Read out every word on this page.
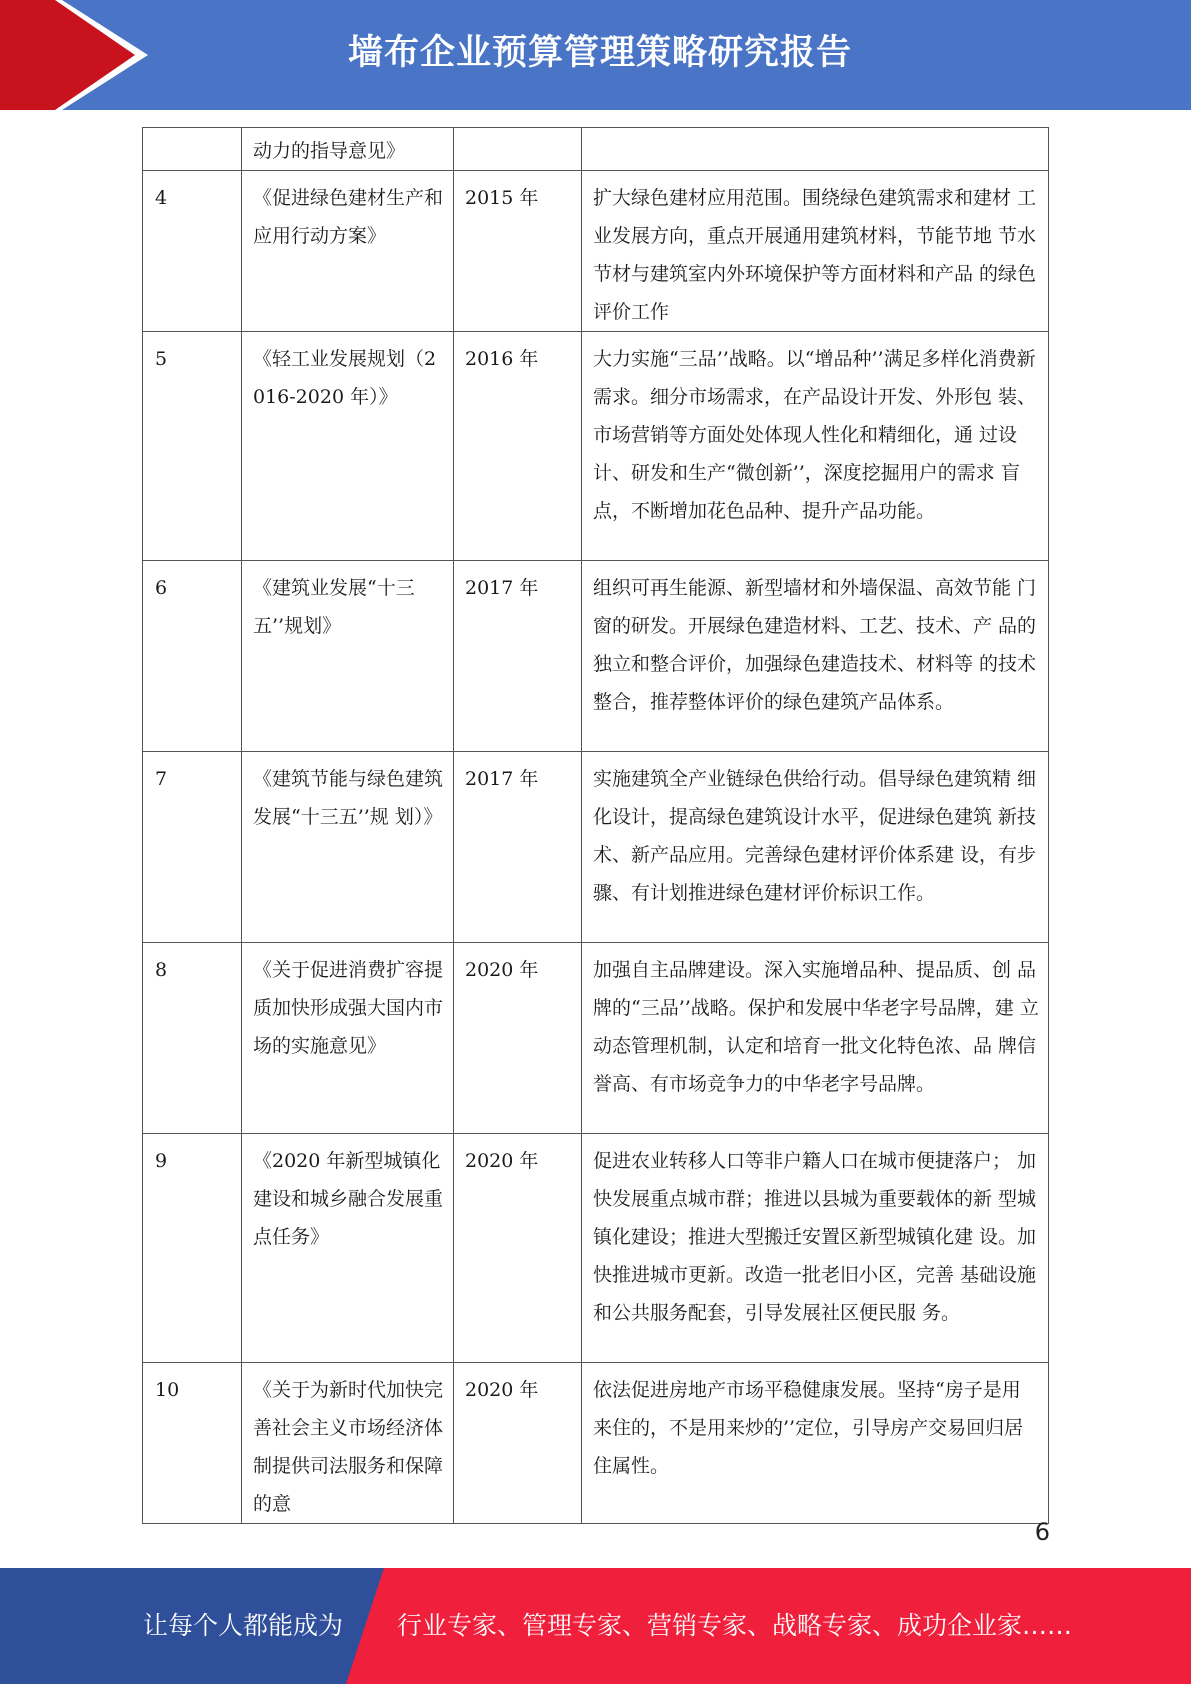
墙布企业预算管理策略研究报告
	动力的指导意见》		
4	《促进绿色建材生产和应用行动方案》	2015 年	扩大绿色建材应用范围。围绕绿色建筑需求和建材 工业发展方向，重点开展通用建筑材料，节能节地 节水节材与建筑室内外环境保护等方面材料和产品 的绿色评价工作
5	《轻工业发展规划（2016-2020 年）》	2016 年	大力实施“三品’’战略。以“增品种’’满足多样化消费新 需求。细分市场需求，在产品设计开发、外形包 装、市场营销等方面处处体现人性化和精细化，通 过设计、研发和生产“微创新’’，深度挖掘用户的需求 盲点，不断增加花色品种、提升产品功能。
6	《建筑业发展“十三五’’规划》	2017 年	组织可再生能源、新型墙材和外墙保温、高效节能 门窗的研发。开展绿色建造材料、工艺、技术、产 品的独立和整合评价，加强绿色建造技术、材料等 的技术整合，推荐整体评价的绿色建筑产品体系。
7	《建筑节能与绿色建筑发展“十三五’’规 划）》	2017 年	实施建筑全产业链绿色供给行动。倡导绿色建筑精 细化设计，提高绿色建筑设计水平，促进绿色建筑 新技术、新产品应用。完善绿色建材评价体系建 设，有步骤、有计划推进绿色建材评价标识工作。
8	《关于促进消费扩容提质加快形成强大国内市场的实施意见》	2020 年	加强自主品牌建设。深入实施增品种、提品质、创 品牌的“三品’’战略。保护和发展中华老字号品牌，建 立动态管理机制，认定和培育一批文化特色浓、品 牌信誉高、有市场竞争力的中华老字号品牌。
9	《2020 年新型城镇化建设和城乡融合发展重点任务》	2020 年	促进农业转移人口等非户籍人口在城市便捷落户； 加快发展重点城市群；推进以县城为重要载体的新 型城镇化建设；推进大型搬迁安置区新型城镇化建 设。加快推进城市更新。改造一批老旧小区，完善 基础设施和公共服务配套，引导发展社区便民服 务。
10	《关于为新时代加快完善社会主义市场经济体制提供司法服务和保障的意	2020 年	依法促进房地产市场平稳健康发展。坚持“房子是用 来住的，不是用来炒的’’定位，引导房产交易回归居 住属性。
6
让每个人都能成为 行业专家、管理专家、营销专家、战略专家、成功企业家……
